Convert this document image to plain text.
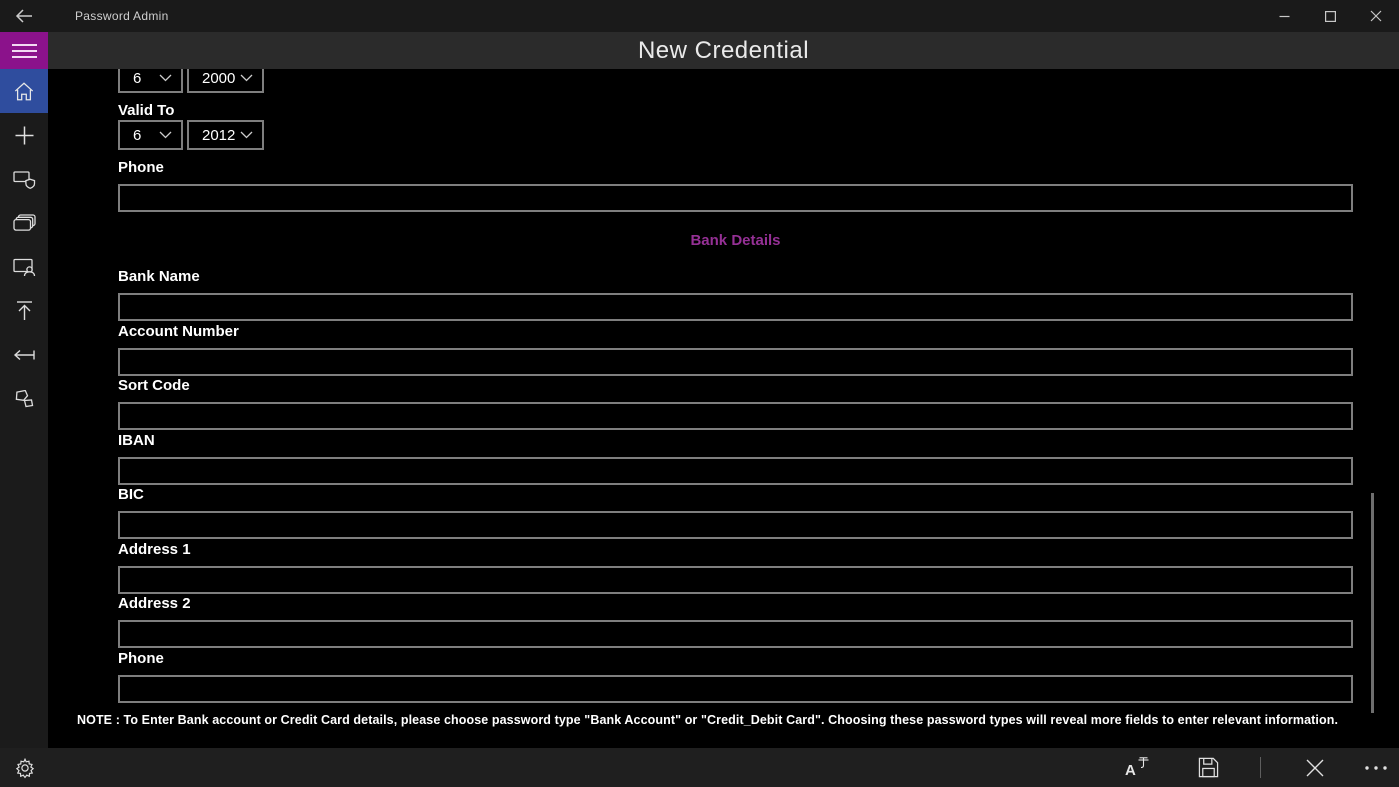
Password Admin
New Credential
6	2000
Valid To
6	2012
Phone
Bank Details
Bank Name
Account Number
Sort Code
IBAN
BIC
Address 1
Address 2
Phone
NOTE : To Enter Bank account or Credit Card details, please choose password type "Bank Account" or "Credit_Debit Card". Choosing these password types will reveal more fields to enter relevant information.
A
